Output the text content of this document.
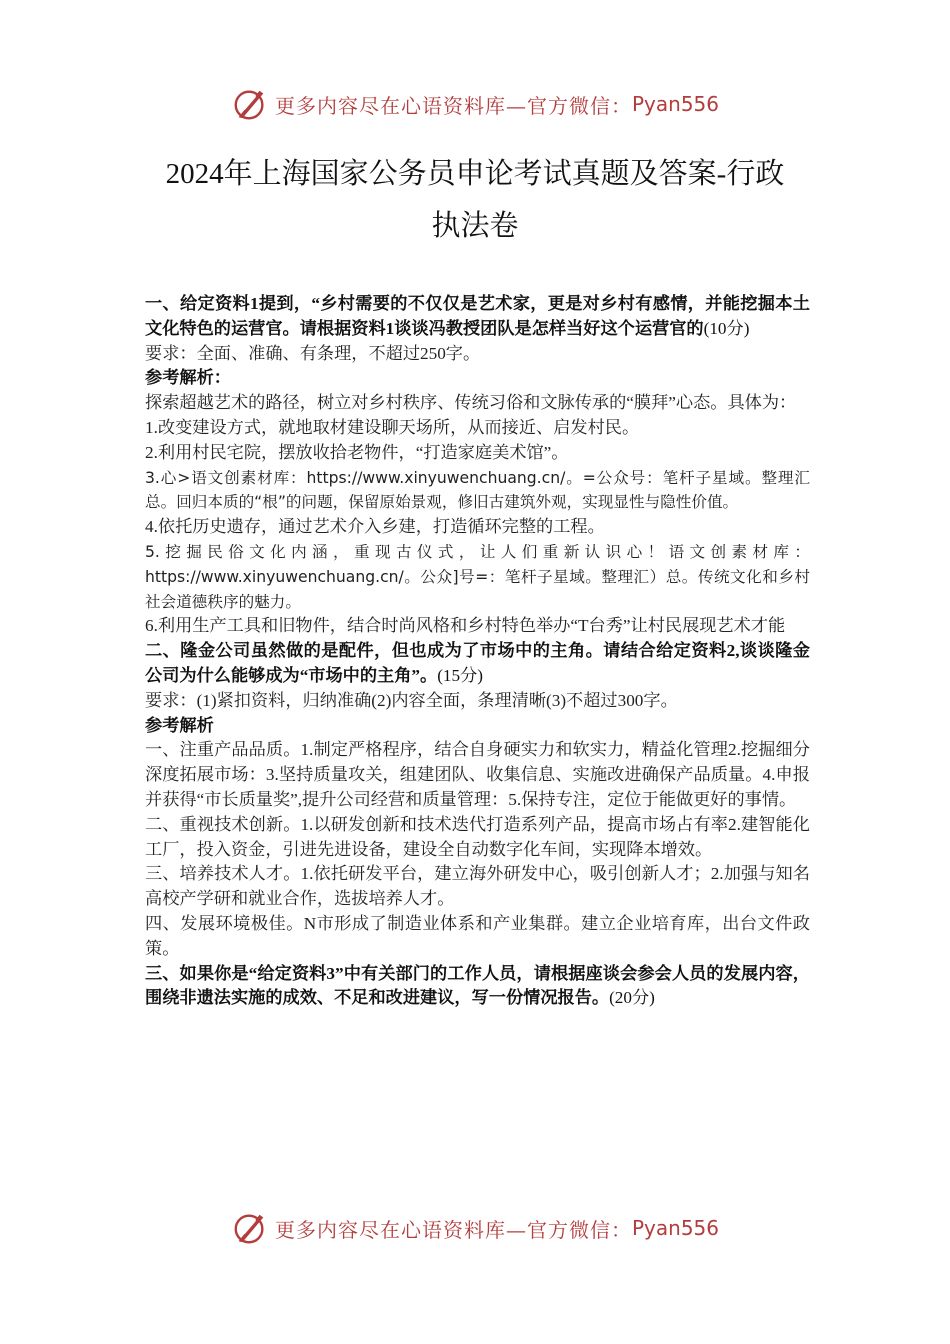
更多内容尽在心语资料库—官方微信： Pyan556
2024年上海国家公务员申论考试真题及答案-行政
执法卷

一、给定资料1提到，“乡村需要的不仅仅是艺术家，更是对乡村有感情，并能挖掘本土文化特色的运营官。请根据资料1谈谈冯教授团队是怎样当好这个运营官的(10分)

要求：全面、准确、有条理，不超过250字。

参考解析：

探索超越艺术的路径，树立对乡村秩序、传统习俗和文脉传承的“膜拜”心态。具体为：

1.改变建设方式，就地取材建设聊天场所，从而接近、启发村民。

2.利用村民宅院，摆放收拾老物件，“打造家庭美术馆”。

3.心>语文创素材库：https://www.xinyuwenchuang.cn/。=公众号：笔杆子星域。整理汇总。回归本质的“根”的问题，保留原始景观，修旧古建筑外观，实现显性与隐性价值。

4.依托历史遗存，通过艺术介入乡建，打造循环完整的工程。

5.挖掘民俗文化内涵，重现古仪式，让人们重新认识心！语文创素材库：https://www.xinyuwenchuang.cn/。公众]号=：笔杆子星域。整理汇）总。传统文化和乡村社会道德秩序的魅力。

6.利用生产工具和旧物件，结合时尚风格和乡村特色举办“T台秀”让村民展现艺术才能

二、隆金公司虽然做的是配件，但也成为了市场中的主角。请结合给定资料2,谈谈隆金公司为什么能够成为“市场中的主角”。(15分)

要求：(1)紧扣资料，归纳准确(2)内容全面，条理清晰(3)不超过300字。

参考解析

一、注重产品品质。1.制定严格程序，结合自身硬实力和软实力，精益化管理2.挖掘细分深度拓展市场：3.坚持质量攻关，组建团队、收集信息、实施改进确保产品质量。4.申报并获得“市长质量奖”,提升公司经营和质量管理：5.保持专注，定位于能做更好的事情。

二、重视技术创新。1.以研发创新和技术迭代打造系列产品，提高市场占有率2.建智能化工厂，投入资金，引进先进设备，建设全自动数字化车间，实现降本增效。

三、培养技术人才。1.依托研发平台，建立海外研发中心，吸引创新人才；2.加强与知名高校产学研和就业合作，选拔培养人才。

四、发展环境极佳。N市形成了制造业体系和产业集群。建立企业培育库，出台文件政策。

三、如果你是“给定资料3”中有关部门的工作人员，请根据座谈会参会人员的发展内容，围绕非遗法实施的成效、不足和改进建议，写一份情况报告。(20分)

更多内容尽在心语资料库—官方微信： Pyan556
